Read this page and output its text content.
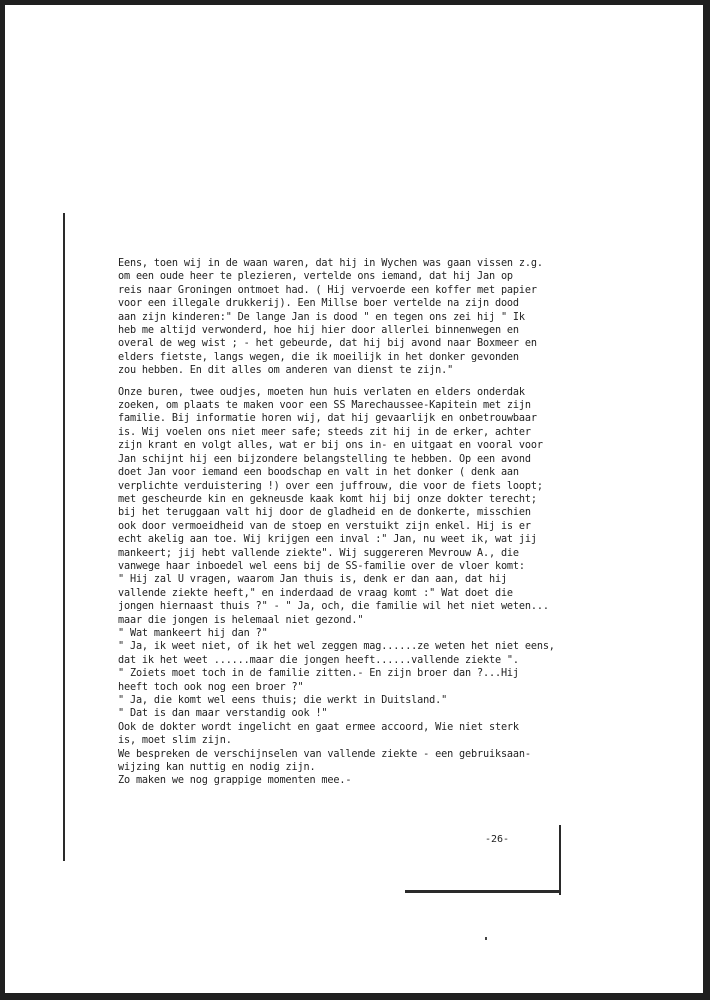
Eens, toen wij in de waan waren, dat hij in Wychen was gaan vissen z.g.
om een oude heer te plezieren, vertelde ons iemand, dat hij Jan op
reis naar Groningen ontmoet had. ( Hij vervoerde een koffer met papier
voor een illegale drukkerij). Een Millse boer vertelde na zijn dood
aan zijn kinderen:" De lange Jan is dood " en tegen ons zei hij " Ik
heb me altijd verwonderd, hoe hij hier door allerlei binnenwegen en
overal de weg wist ; - het gebeurde, dat hij bij avond naar Boxmeer en
elders fietste, langs wegen, die ik moeilijk in het donker gevonden
zou hebben. En dit alles om anderen van dienst te zijn."

Onze buren, twee oudjes, moeten hun huis verlaten en elders onderdak
zoeken, om plaats te maken voor een SS Marechaussee-Kapitein met zijn
familie. Bij informatie horen wij, dat hij gevaarlijk en onbetrouwbaar
is. Wij voelen ons niet meer safe; steeds zit hij in de erker, achter
zijn krant en volgt alles, wat er bij ons in- en uitgaat en vooral voor
Jan schijnt hij een bijzondere belangstelling te hebben. Op een avond
doet Jan voor iemand een boodschap en valt in het donker ( denk aan
verplichte verduistering !) over een juffrouw, die voor de fiets loopt;
met gescheurde kin en gekneusde kaak komt hij bij onze dokter terecht;
bij het teruggaan valt hij door de gladheid en de donkerte, misschien
ook door vermoeidheid van de stoep en verstuikt zijn enkel. Hij is er
echt akelig aan toe. Wij krijgen een inval :" Jan, nu weet ik, wat jij
mankeert; jij hebt vallende ziekte". Wij suggereren Mevrouw A., die
vanwege haar inboedel wel eens bij de SS-familie over de vloer komt:
" Hij zal U vragen, waarom Jan thuis is, denk er dan aan, dat hij
vallende ziekte heeft," en inderdaad de vraag komt :" Wat doet die
jongen hiernaast thuis ?" - " Ja, och, die familie wil het niet weten...
maar die jongen is helemaal niet gezond."
" Wat mankeert hij dan ?"
" Ja, ik weet niet, of ik het wel zeggen mag......ze weten het niet eens,
dat ik het weet ......maar die jongen heeft......vallende ziekte ".
" Zoiets moet toch in de familie zitten.- En zijn broer dan ?...Hij
heeft toch ook nog een broer ?"
" Ja, die komt wel eens thuis; die werkt in Duitsland."
" Dat is dan maar verstandig ook !"
Ook de dokter wordt ingelicht en gaat ermee accoord, Wie niet sterk
is, moet slim zijn.
We bespreken de verschijnselen van vallende ziekte - een gebruiksaan-
wijzing kan nuttig en nodig zijn.
Zo maken we nog grappige momenten mee.-

-26-
